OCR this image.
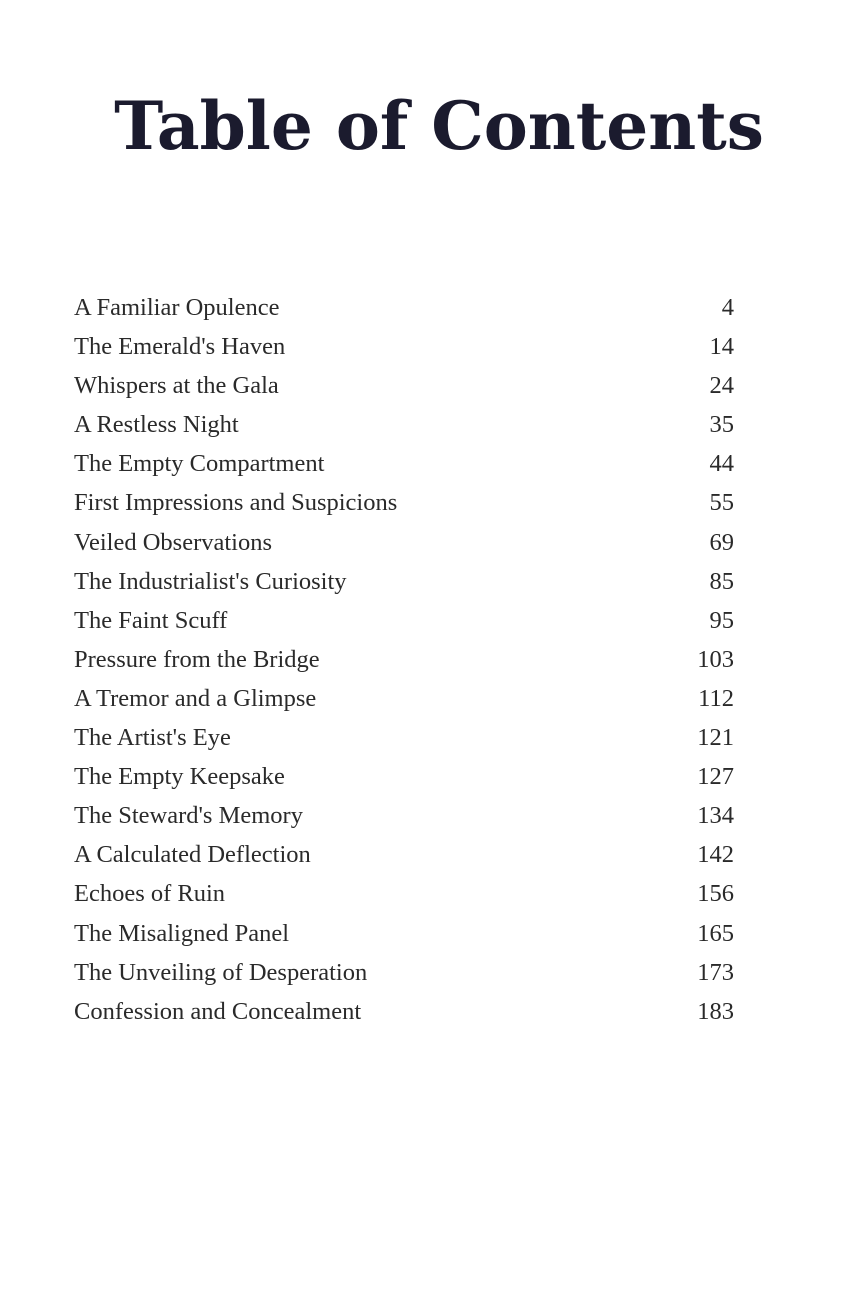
Table of Contents
A Familiar Opulence	4
The Emerald's Haven	14
Whispers at the Gala	24
A Restless Night	35
The Empty Compartment	44
First Impressions and Suspicions	55
Veiled Observations	69
The Industrialist's Curiosity	85
The Faint Scuff	95
Pressure from the Bridge	103
A Tremor and a Glimpse	112
The Artist's Eye	121
The Empty Keepsake	127
The Steward's Memory	134
A Calculated Deflection	142
Echoes of Ruin	156
The Misaligned Panel	165
The Unveiling of Desperation	173
Confession and Concealment	183
